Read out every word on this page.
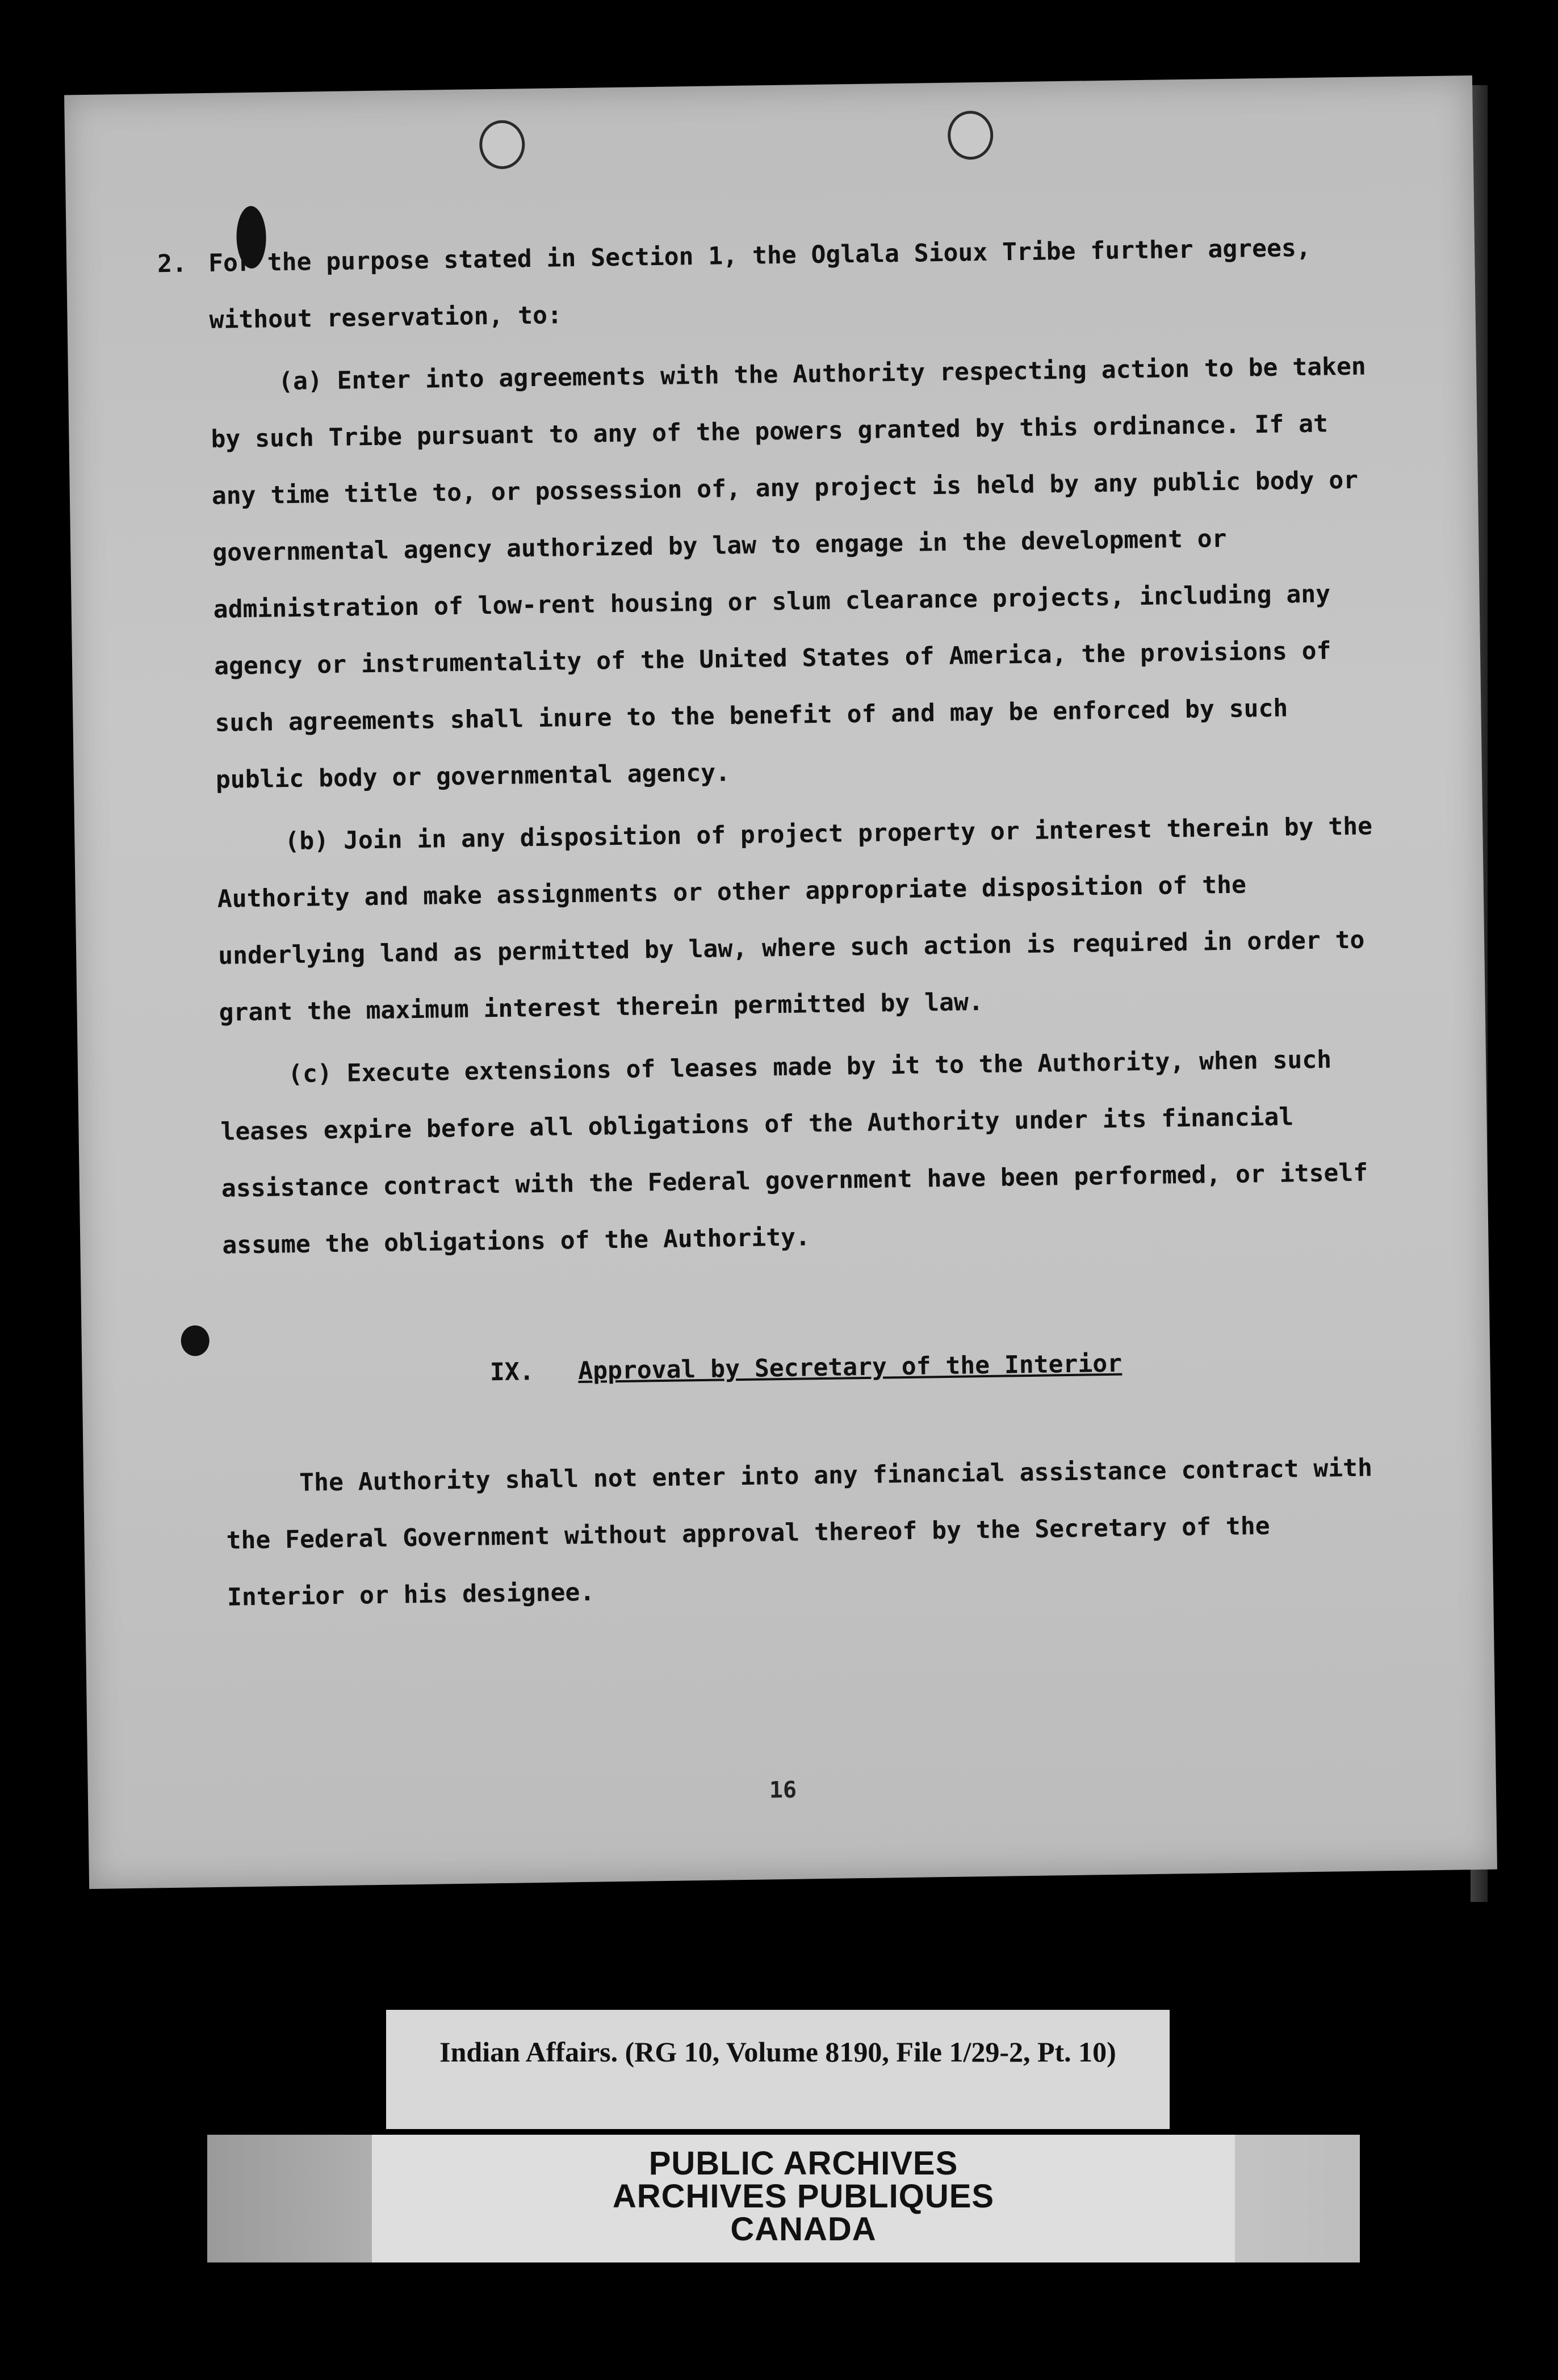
2. For the purpose stated in Section 1, the Oglala Sioux Tribe further agrees,
without reservation, to:

(a) Enter into agreements with the Authority respecting action to be taken by such Tribe pursuant to any of the powers granted by this ordinance. If at any time title to, or possession of, any project is held by any public body or governmental agency authorized by law to engage in the development or administration of low-rent housing or slum clearance projects, including any agency or instrumentality of the United States of America, the provisions of such agreements shall inure to the benefit of and may be enforced by such public body or governmental agency.

(b) Join in any disposition of project property or interest therein by the Authority and make assignments or other appropriate disposition of the underlying land as permitted by law, where such action is required in order to grant the maximum interest therein permitted by law.

(c) Execute extensions of leases made by it to the Authority, when such leases expire before all obligations of the Authority under its financial assistance contract with the Federal government have been performed, or itself assume the obligations of the Authority.

IX. Approval by Secretary of the Interior

The Authority shall not enter into any financial assistance contract with the Federal Government without approval thereof by the Secretary of the Interior or his designee.

16
Indian Affairs. (RG 10, Volume 8190, File 1/29-2, Pt. 10)
PUBLIC ARCHIVES
ARCHIVES PUBLIQUES
CANADA
